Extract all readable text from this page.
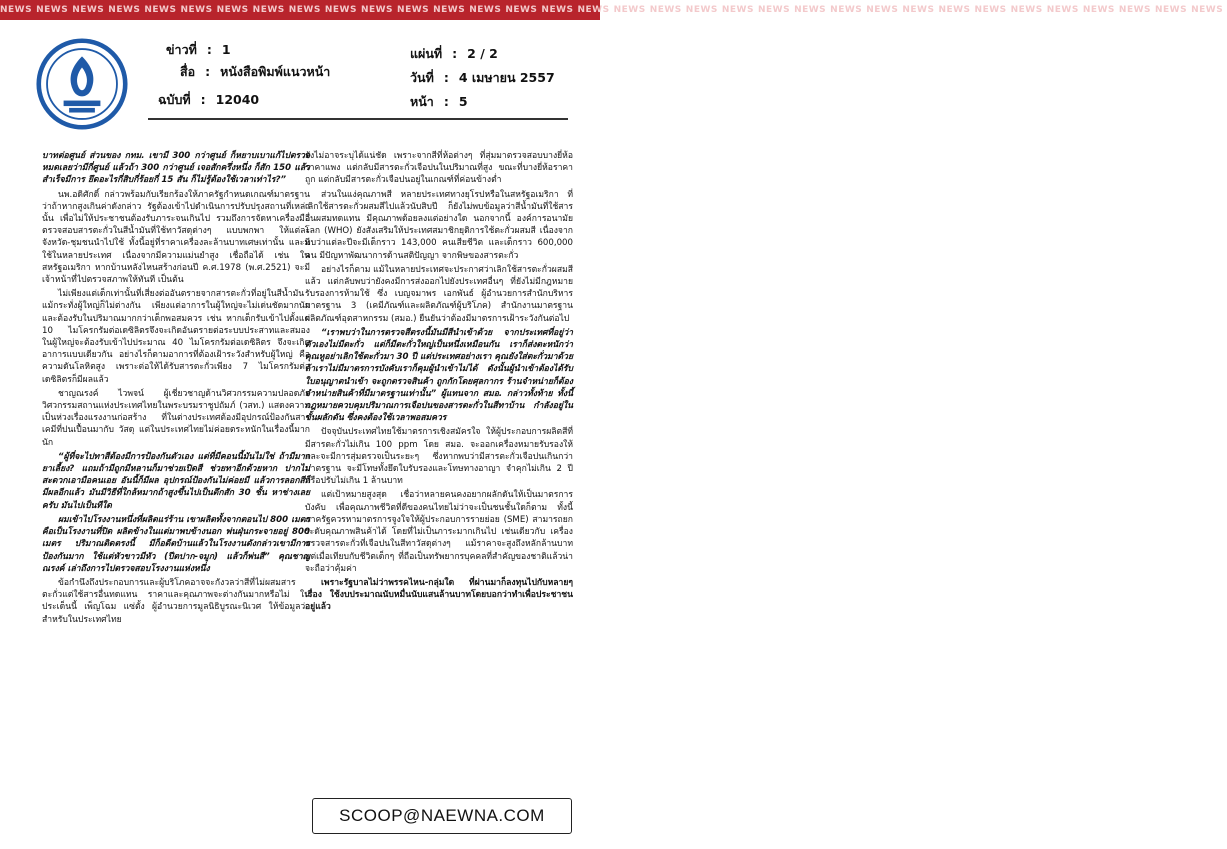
NEWS NEWS NEWS NEWS NEWS NEWS NEWS NEWS NEWS NEWS NEWS NEWS NEWS NEWS NEWS NEWS NEWS NEWS NEWS NEWS NEWS NEWS NEWS NEWS NEWS NEWS NEWS NEWS NEWS NEWS NEWS NEWS NEWS NEWS
ข่าวที่ : 1
สื่อ : หนังสือพิมพ์แนวหน้า
ฉบับที่ : 12040
แผ่นที่ : 2 / 2
วันที่ : 4 เมษายน 2557
หน้า : 5

บาทต่อศูนย์ ส่วนของ กทม. เขามี 300 กว่าศูนย์ ก็หยาบเบาแก้ไปตรวจหมดเลยว่ามีกี่ศูนย์ แล้วถ้า 300 กว่าศูนย์ เจอสักครึ่งหนึ่ง ก็สัก 150 แล้วสำเร็จมีการ ยึดอะไรกี่สิบกี่ร้อยกี่ 15 สัน ก็ไม่รู้ต้องใช้เวลาเท่าไร?”

นพ.อดิศักดิ์ กล่าวพร้อมกับเรียกร้องให้ภาครัฐกำหนดเกณฑ์มาตรฐาน ว่าถ้าหากสูงเกินค่าดังกล่าว รัฐต้องเข้าไปดำเนินการปรับปรุงสถานที่เหล่านั้น เพื่อไม่ให้ประชาชนต้องรับภาระจนเกินไป รวมถึงการจัดหาเครื่องมือตรวจสอบสารตะกั่วในสีน้ำมันที่ใช้ทาวัสดุต่างๆ แบบพกพา ให้แต่ละจังหวัด-ชุมชนนำไปใช้ ทั้งนี้อยู่ที่ราคาเครื่องละล้านบาทเศษเท่านั้น และมีใช้ในหลายประเทศ เนื่องจากมีความแม่นยำสูง เชื่อถือได้ เช่น ในสหรัฐอเมริกา หากบ้านหลังไหนสร้างก่อนปี ค.ศ.1978 (พ.ศ.2521) จะมีเจ้าหน้าที่ไปตรวจสภาพให้ทันที เป็นต้น

ไม่เพียงแต่เด็กเท่านั้นที่เสี่ยงต่ออันตรายจากสารตะกั่วที่อยู่ในสีน้ำมัน แม้กระทั่งผู้ใหญ่ก็ไม่ต่างกัน เพียงแต่อาการในผู้ใหญ่จะไม่เด่นชัดมากนัก และต้องรับในปริมาณมากกว่าเด็กพอสมควร เช่น หากเด็กรับเข้าไปตั้งแต่ 10 ไมโครกรัมต่อเดซิลิตรจึงจะเกิดอันตรายต่อระบบประสาทและสมอง ในผู้ใหญ่จะต้องรับเข้าไปประมาณ 40 ไมโครกรัมต่อเดซิลิตร จึงจะเกิดอาการแบบเดียวกัน อย่างไรก็ตามอาการที่ต้องเฝ้าระวังสำหรับผู้ใหญ่ คือ ความดันโลหิตสูง เพราะต่อให้ได้รับสารตะกั่วเพียง 7 ไมโครกรัมต่อเดซิลิตรก็มีผลแล้ว

ชาญณรงค์ ไวพจน์ ผู้เชี่ยวชาญด้านวิศวกรรมความปลอดภัย วิศวกรรมสถานแห่งประเทศไทยในพระบรมราชูปถัมภ์ (วสท.) แสดงความเป็นห่วงเรื่องแรงงานก่อสร้าง ที่ในต่างประเทศต้องมีอุปกรณ์ป้องกันสารเคมีที่ปนเปื้อนมากับ วัสดุ แต่ในประเทศไทยไม่ค่อยตระหนักในเรื่องนี้มากนัก

“ผู้ที่จะไปทาสีต้องมีการป้องกันตัวเอง แต่ที่มีคอนนี้มันไม่ใช่ ถ้ามีมากยาเลี้ยง? แถมถ้ามีถูกมีหลานก็มาช่วยเปิดสี ช่วยทาอีกด้วยหาก ปากไม่สะดวกเอามือคนเอย อันนี้ก็มีผล อุปกรณ์ป้องกันไม่ค่อยมี แล้วการลอกสีก็มีผลอีกแล้ว มันมีวิธีที่ใกล้หมากถ้าสูงขึ้นไปเป็นตึกสัก 30 ชั้น หาช่างเลยครับ มันไปเป็นทีใด

ผมเข้าไปโรงงานหนึ่งที่ผลิตแร่ร้าน เขาผลิตทั้งจากตอนไป 800 เมตร คือเป็นโรงงานที่ปิด ผลิตข้างในแต่มาพบข้างนอก พ่นฝุ่นกระจายอยู่ 800 เมตร ปริมาณติดตรงนี้ มีก็อดีตบ้านแล้วในโรงงานดังกล่าวเขามีการป้องกันมาก ใช้แต่หัวขาวมีหัว (ปีตปาก-จมูก) แล้วก็พ่นสี” คุณชาญณรงค์ เล่าถึงการไปตรวจสอบโรงงานแห่งหนึ่ง

ข้อกำนึงถึงประกอบการและผู้บริโภคอาจจะกังวลว่าสีที่ไม่ผสมสารตะกั่วแต่ใช้สารอื่นทดแทน ราคาและคุณภาพจะต่างกันมากหรือไม่ ในประเด็นนี้ เพ็ญโฉม แซ่ตั้ง ผู้อำนวยการมูลนิธิบูรณะนิเวศ ให้ข้อมูลว่า สำหรับในประเทศไทย

ยังไม่อาจระบุได้แน่ชัด เพราะจากสีที่ห้อต่างๆ ที่สุ่มมาตรวจสอบบางยี่ห้อราคาแพง แต่กลับมีสารตะกั่วเจือปนในปริมาณที่สูง ขณะที่บางยี่ห้อราคาถูก แต่กลับมีสารตะกั่วเจือปนอยู่ในเกณฑ์ที่ค่อนข้างต่ำ

ส่วนในแง่คุณภาพสี หลายประเทศทางยุโรปหรือในสหรัฐอเมริกา ที่เลิกใช้สารตะกั่วผสมสีไปแล้วนับสิบปี ก็ยังไม่พบข้อมูลว่าสีน้ำมันที่ใช้สารอื่นผสมทดแทน มีคุณภาพด้อยลงแต่อย่างใด นอกจากนี้ องค์การอนามัยโลก (WHO) ยังสังเสริมให้ประเทศสมาชิกยุติการใช้ตะกั่วผสมสี เนื่องจากพบว่าแต่ละปีจะมีเด็กราว 143,000 คนเสียชีวิต และเด็กราว 600,000 คน มีปัญหาพัฒนาการด้านสติปัญญา จากพิษของสารตะกั่ว

อย่างไรก็ตาม แม้ในหลายประเทศจะประกาศว่าเลิกใช้สารตะกั่วผสมสีแล้ว แต่กลับพบว่ายังคงมีการส่งออกไปยังประเทศอื่นๆ ที่ยังไม่มีกฎหมายรับรองการห้ามใช้ ซึ่ง เบญจมาพร เอกพันธ์ ผู้อำนวยการสำนักบริหารมาตรฐาน 3 (เคมีภัณฑ์และผลิตภัณฑ์ผู้บริโภค) สำนักงานมาตรฐานผลิตภัณฑ์อุตสาหกรรม (สมอ.) ยืนยันว่าต้องมีมาตรการเฝ้าระวังกันต่อไป

“เราพบว่าในการตรวจสีตรงนี้มันมีสีนำเข้าด้วย จากประเทศที่อยู่ว่าตัวเองไม่มีตะกั่ว แต่ก็มีตะกั่วใหญ่เป็นหนึ่งเหมือนกัน เราก็ส่งตะหนักว่า คุณหูอย่าเลิกใช้ตะกั่วมา 30 ปี แต่ประเทศอย่างเรา คุณยังใส่ตะกั่วมาด้วย ถ้าเราไม่มีมาตรการบังคับเราก็คุมผู้นำเข้าไม่ได้ ดังนั้นผู้นำเข้าต้องได้รับใบอนุญาตนำเข้า จะถูกตรวจสินค้า ถูกกักโดยศุลกากร ร้านจำหน่ายก็ต้องจำหน่ายสินค้าที่มีมาตรฐานเท่านั้น” ผู้แทนจาก สมอ. กล่าวทั้งท้าย ทั้งนี้กฎหมายควบคุมปริมาณการเจือปนของสารตะกั่วในสีทาบ้าน กำลังอยู่ในขั้นผลักดัน ซึ่งคงต้องใช้เวลาพอสมควร

ปัจจุบันประเทศไทยใช้มาตรการเชิงสมัครใจ ให้ผู้ประกอบการผลิตสีที่มีสารตะกั่วไม่เกิน 100 ppm โดย สมอ. จะออกเครื่องหมายรับรองให้ และจะมีการสุ่มตรวจเป็นระยะๆ ซึ่งหากพบว่ามีสารตะกั่วเจือปนเกินกว่ามาตรฐาน จะมีโทษทั้งยึดใบรับรองและโทษทางอาญา จำคุกไม่เกิน 2 ปีหรือปรับไม่เกิน 1 ล้านบาท

แต่เป้าหมายสูงสุด เชื่อว่าหลายคนคงอยากผลักดันให้เป็นมาตรการบังคับ เพื่อคุณภาพชีวิตที่ดีของคนไทยไม่ว่าจะเป็นชนชั้นใดก็ตาม ทั้งนี้ภาครัฐควรหามาตรการจูงใจให้ผู้ประกอบการรายย่อย (SME) สามารถยกระดับคุณภาพสินค้าได้ โดยที่ไม่เป็นภาระมากเกินไป เช่นเดียวกับ เครื่องตรวจสารตะกั่วที่เจือปนในสีทาวัสดุต่างๆ แม้ราคาจะสูงถึงหลักล้านบาท แต่เมื่อเทียบกับชีวิตเด็กๆ ที่ถือเป็นทรัพยากรบุคคลที่สำคัญของชาติแล้วน่าจะถือว่าคุ้มค่า

เพราะรัฐบาลไม่ว่าพรรคไหน-กลุ่มใด ที่ผ่านมาก็ลงทุนไปกับหลายๆ เรื่อง ใช้งบประมาณนับหมื่นนับแสนล้านบาทโดยบอกว่าทำเพื่อประชาชนอยู่แล้ว

SCOOP@NAEWNA.COM
